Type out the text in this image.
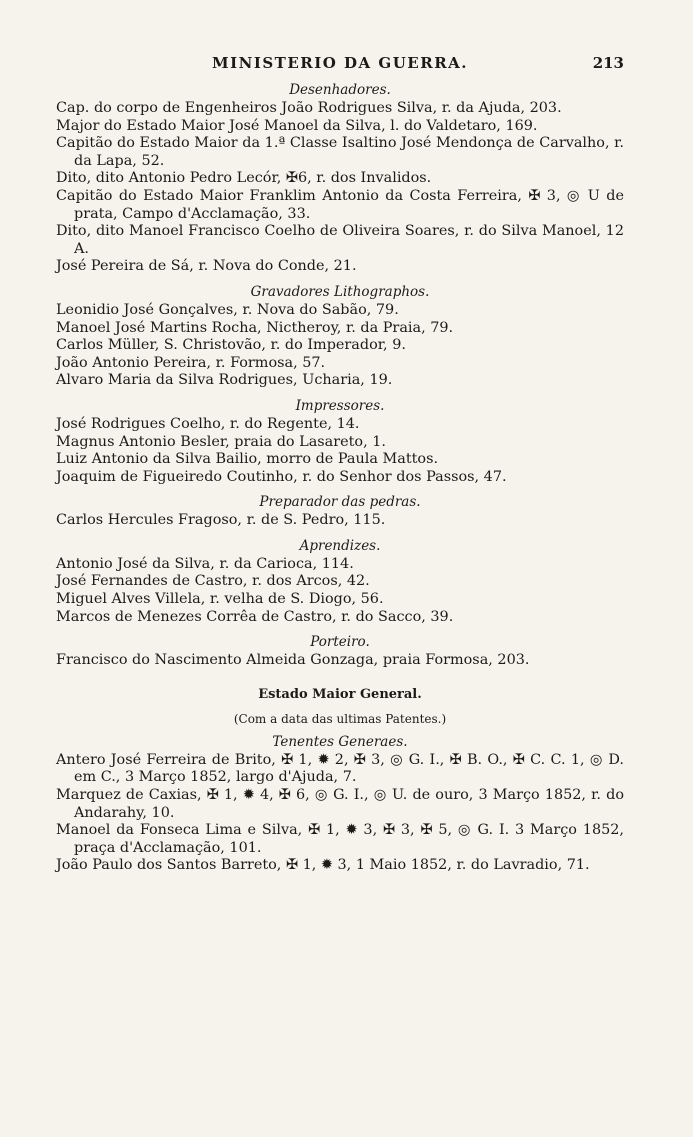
MINISTERIO DA GUERRA.	213

Desenhadores.

Cap. do corpo de Engenheiros João Rodrigues Silva, r. da Ajuda, 203.

Major do Estado Maior José Manoel da Silva, l. do Valdetaro, 169.

Capitão do Estado Maior da 1.ª Classe Isaltino José Mendonça de Carvalho, r. da Lapa, 52.

Dito, dito Antonio Pedro Lecór, ✠6, r. dos Invalidos.

Capitão do Estado Maior Franklim Antonio da Costa Ferreira, ✠ 3, ◎ U de prata, Campo d'Acclamação, 33.

Dito, dito Manoel Francisco Coelho de Oliveira Soares, r. do Silva Manoel, 12 A.

José Pereira de Sá, r. Nova do Conde, 21.

Gravadores Lithographos.

Leonidio José Gonçalves, r. Nova do Sabão, 79.

Manoel José Martins Rocha, Nictheroy, r. da Praia, 79.

Carlos Müller, S. Christovão, r. do Imperador, 9.

João Antonio Pereira, r. Formosa, 57.

Alvaro Maria da Silva Rodrigues, Ucharia, 19.

Impressores.

José Rodrigues Coelho, r. do Regente, 14.

Magnus Antonio Besler, praia do Lasareto, 1.

Luiz Antonio da Silva Bailio, morro de Paula Mattos.

Joaquim de Figueiredo Coutinho, r. do Senhor dos Passos, 47.

Preparador das pedras.

Carlos Hercules Fragoso, r. de S. Pedro, 115.

Aprendizes.

Antonio José da Silva, r. da Carioca, 114.

José Fernandes de Castro, r. dos Arcos, 42.

Miguel Alves Villela, r. velha de S. Diogo, 56.

Marcos de Menezes Corrêa de Castro, r. do Sacco, 39.

Porteiro.

Francisco do Nascimento Almeida Gonzaga, praia Formosa, 203.

Estado Maior General.

(Com a data das ultimas Patentes.)

Tenentes Generaes.

Antero José Ferreira de Brito, ✠ 1, ✹ 2, ✠ 3, ◎ G. I., ✠ B. O., ✠ C. C. 1, ◎ D. em C., 3 Março 1852, largo d'Ajuda, 7.

Marquez de Caxias, ✠ 1, ✹ 4, ✠ 6, ◎ G. I., ◎ U. de ouro, 3 Março 1852, r. do Andarahy, 10.

Manoel da Fonseca Lima e Silva, ✠ 1, ✹ 3, ✠ 3, ✠ 5, ◎ G. I. 3 Março 1852, praça d'Acclamação, 101.

João Paulo dos Santos Barreto, ✠ 1, ✹ 3, 1 Maio 1852, r. do Lavradio, 71.
